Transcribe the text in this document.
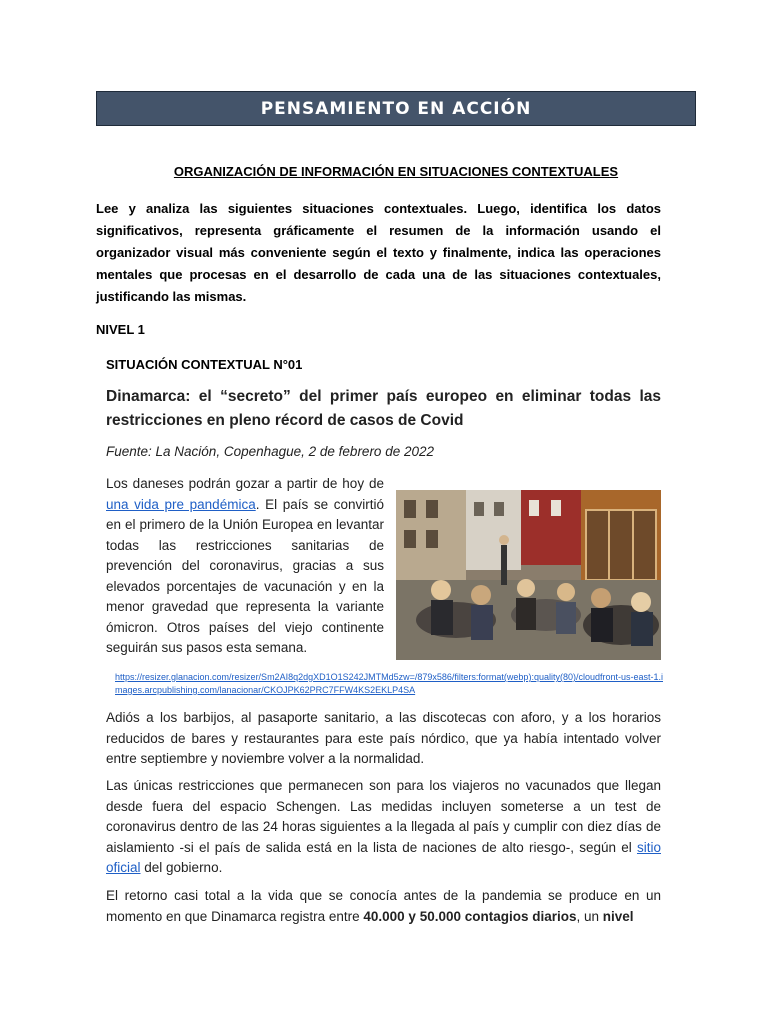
PENSAMIENTO EN ACCIÓN
ORGANIZACIÓN DE INFORMACIÓN EN SITUACIONES CONTEXTUALES

Lee y analiza las siguientes situaciones contextuales. Luego, identifica los datos significativos, representa gráficamente el resumen de la información usando el organizador visual más conveniente según el texto y finalmente, indica las operaciones mentales que procesas en el desarrollo de cada una de las situaciones contextuales, justificando las mismas.

NIVEL 1
SITUACIÓN CONTEXTUAL N°01

Dinamarca: el “secreto” del primer país europeo en eliminar todas las restricciones en pleno récord de casos de Covid

Fuente: La Nación, Copenhague, 2 de febrero de 2022

Los daneses podrán gozar a partir de hoy de una vida pre pandémica. El país se convirtió en el primero de la Unión Europea en levantar todas las restricciones sanitarias de prevención del coronavirus, gracias a sus elevados porcentajes de vacunación y en la menor gravedad que representa la variante ómicron. Otros países del viejo continente seguirán sus pasos esta semana.

https://resizer.glanacion.com/resizer/Sm2AI8q2dgXD1O1S242JMTMd5zw=/879x586/filters:format(webp):quality(80)/cloudfront-us-east-1.images.arcpublishing.com/lanacionar/CKOJPK62PRC7FFW4KS2EKLP4SA

Adiós a los barbijos, al pasaporte sanitario, a las discotecas con aforo, y a los horarios reducidos de bares y restaurantes para este país nórdico, que ya había intentado volver entre septiembre y noviembre volver a la normalidad.

Las únicas restricciones que permanecen son para los viajeros no vacunados que llegan desde fuera del espacio Schengen. Las medidas incluyen someterse a un test de coronavirus dentro de las 24 horas siguientes a la llegada al país y cumplir con diez días de aislamiento -si el país de salida está en la lista de naciones de alto riesgo-, según el sitio oficial del gobierno.

El retorno casi total a la vida que se conocía antes de la pandemia se produce en un momento en que Dinamarca registra entre 40.000 y 50.000 contagios diarios, un nivel
